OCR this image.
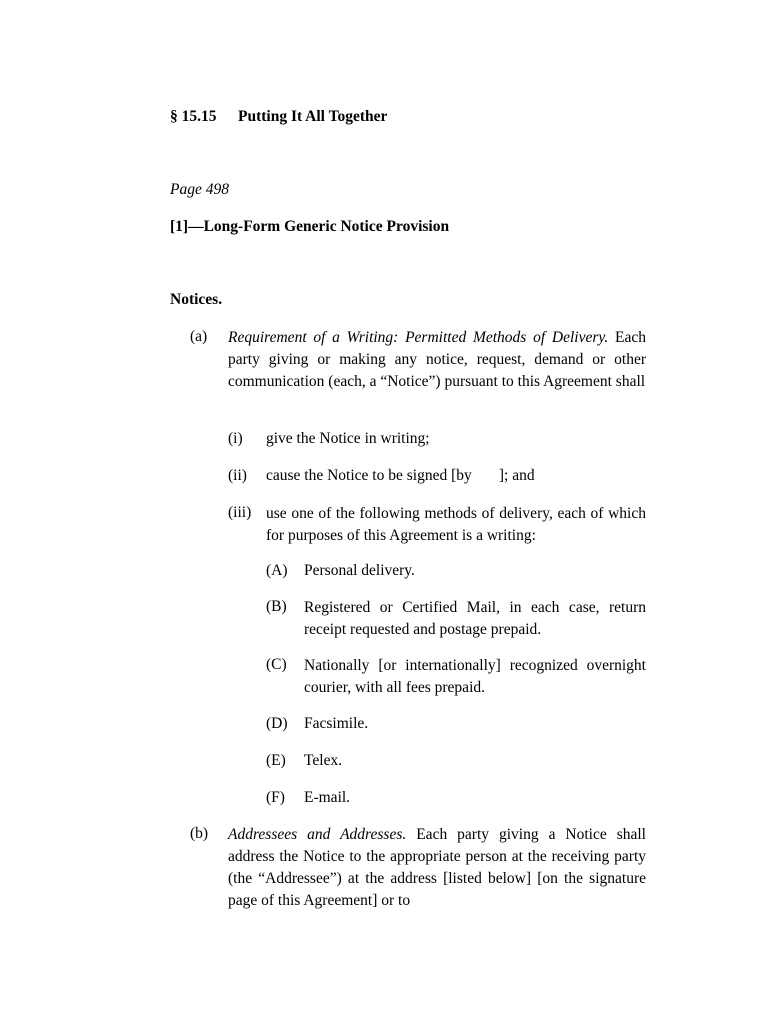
§ 15.15 Putting It All Together
Page 498
[1]—Long-Form Generic Notice Provision
Notices.
(a) Requirement of a Writing: Permitted Methods of Delivery. Each party giving or making any notice, request, demand or other communication (each, a “Notice”) pursuant to this Agreement shall
(i) give the Notice in writing;
(ii) cause the Notice to be signed [by       ]; and
(iii) use one of the following methods of delivery, each of which for purposes of this Agreement is a writing:
(A) Personal delivery.
(B) Registered or Certified Mail, in each case, return receipt requested and postage prepaid.
(C) Nationally [or internationally] recognized overnight courier, with all fees prepaid.
(D) Facsimile.
(E) Telex.
(F) E-mail.
(b) Addressees and Addresses. Each party giving a Notice shall address the Notice to the appropriate person at the receiving party (the “Addressee”) at the address [listed below] [on the signature page of this Agreement] or to
